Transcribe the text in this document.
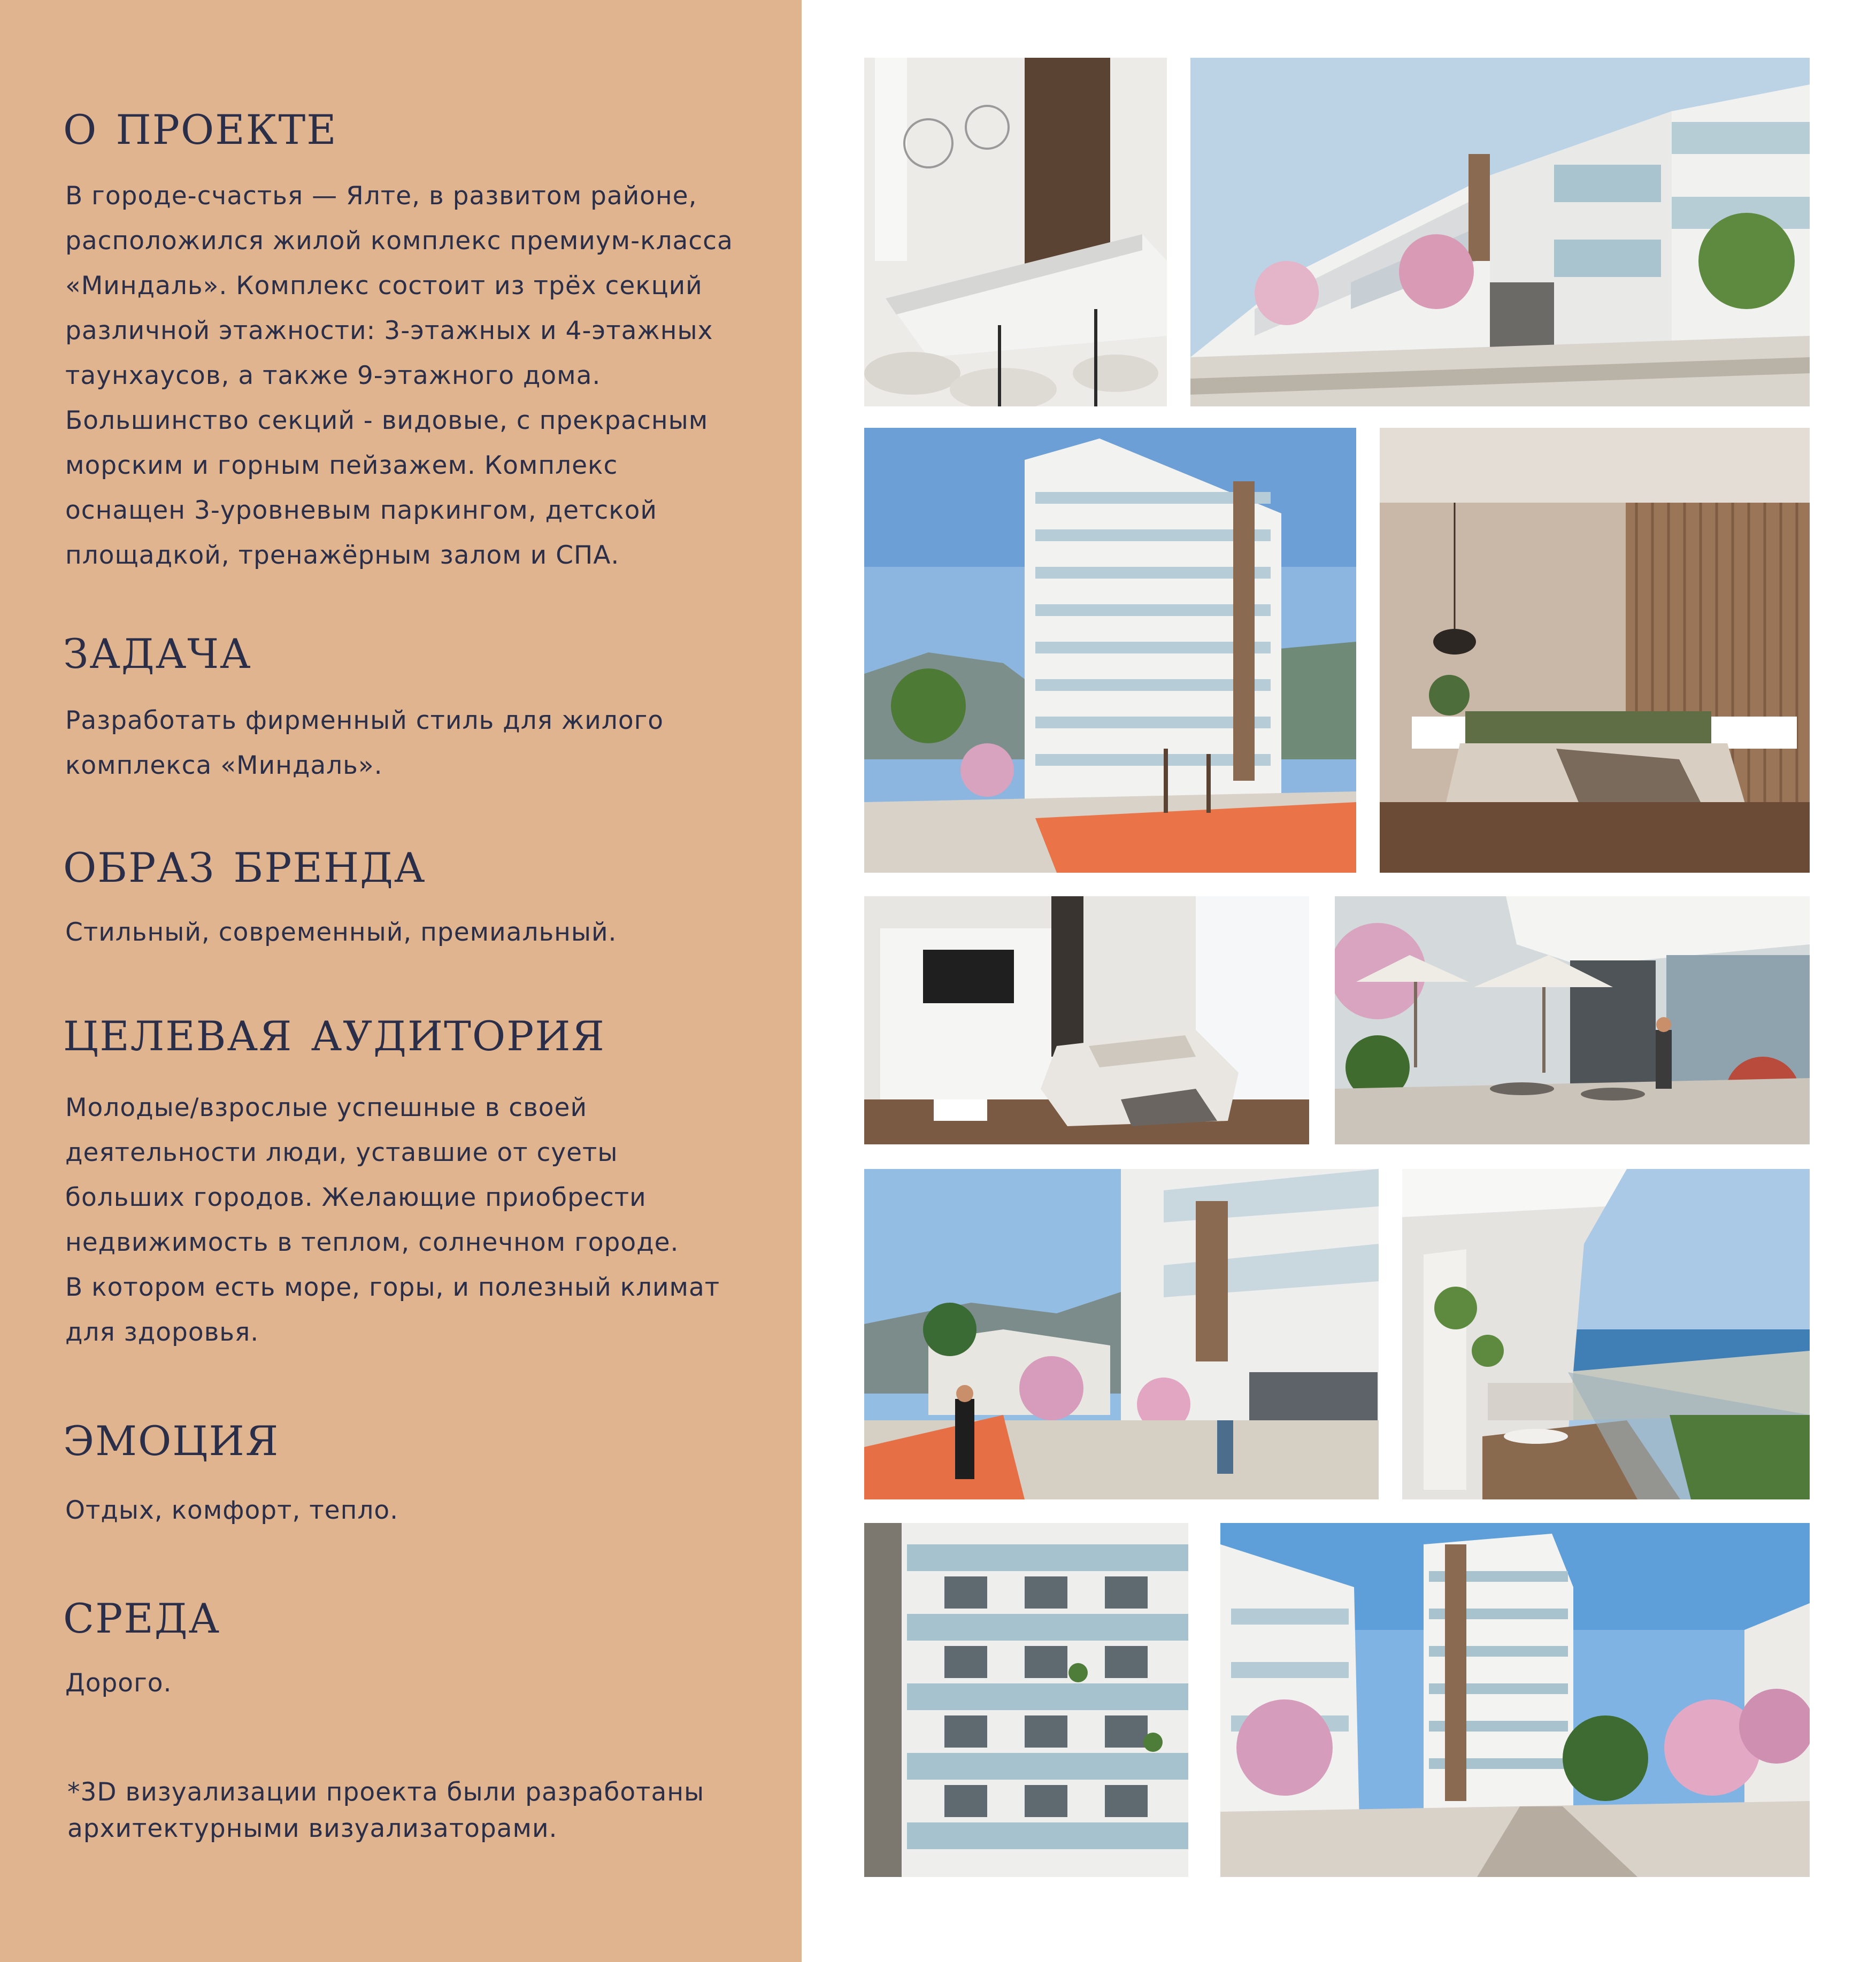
О ПРОЕКТЕ
В городе-счастья — Ялте, в развитом районе,
расположился жилой комплекс премиум-класса
«Миндаль». Комплекс состоит из трёх секций
различной этажности: 3-этажных и 4-этажных
таунхаусов, а также 9-этажного дома.
Большинство секций - видовые, с прекрасным
морским и горным пейзажем. Комплекс
оснащен 3-уровневым паркингом, детской
площадкой, тренажёрным залом и СПА.
ЗАДАЧА
Разработать фирменный стиль для жилого
комплекса «Миндаль».
ОБРАЗ БРЕНДА
Стильный, современный, премиальный.
ЦЕЛЕВАЯ АУДИТОРИЯ
Молодые/взрослые успешные в своей
деятельности люди, уставшие от суеты
больших городов. Желающие приобрести
недвижимость в теплом, солнечном городе.
В котором есть море, горы, и полезный климат
для здоровья.
ЭМОЦИЯ
Отдых, комфорт, тепло.
СРЕДА
Дорого.
*3D визуализации проекта были разработаны
архитектурными визуализаторами.
